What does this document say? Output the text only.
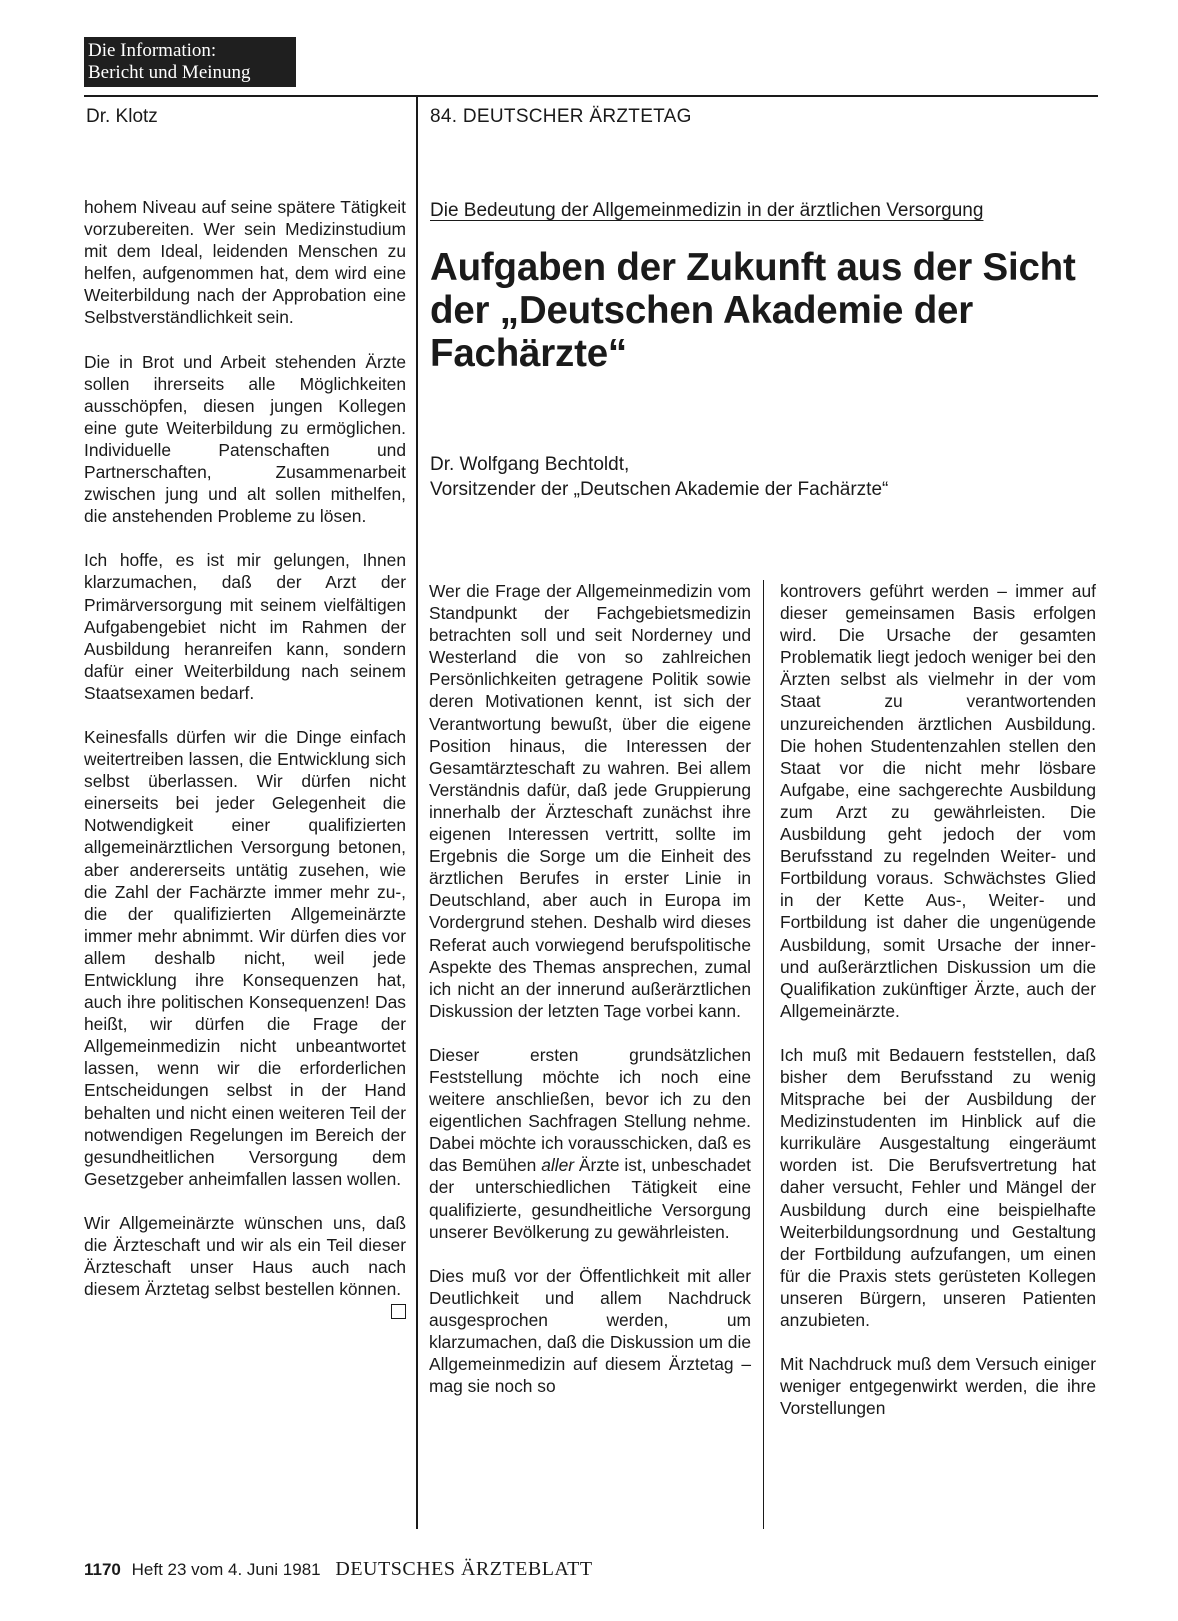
Die Information:
Bericht und Meinung
Dr. Klotz	84. DEUTSCHER ÄRZTETAG

hohem Niveau auf seine spätere Tätigkeit vorzubereiten. Wer sein Medizinstudium mit dem Ideal, leidenden Menschen zu helfen, aufgenommen hat, dem wird eine Weiterbildung nach der Approbation eine Selbstverständlichkeit sein.

Die in Brot und Arbeit stehenden Ärzte sollen ihrerseits alle Möglichkeiten ausschöpfen, diesen jungen Kollegen eine gute Weiterbildung zu ermöglichen. Individuelle Patenschaften und Partnerschaften, Zusammenarbeit zwischen jung und alt sollen mithelfen, die anstehenden Probleme zu lösen.

Ich hoffe, es ist mir gelungen, Ihnen klarzumachen, daß der Arzt der Primärversorgung mit seinem vielfältigen Aufgabengebiet nicht im Rahmen der Ausbildung heranreifen kann, sondern dafür einer Weiterbildung nach seinem Staatsexamen bedarf.

Keinesfalls dürfen wir die Dinge einfach weitertreiben lassen, die Entwicklung sich selbst überlassen. Wir dürfen nicht einerseits bei jeder Gelegenheit die Notwendigkeit einer qualifizierten allgemeinärztlichen Versorgung betonen, aber andererseits untätig zusehen, wie die Zahl der Fachärzte immer mehr zu-, die der qualifizierten Allgemeinärzte immer mehr abnimmt. Wir dürfen dies vor allem deshalb nicht, weil jede Entwicklung ihre Konsequenzen hat, auch ihre politischen Konsequenzen! Das heißt, wir dürfen die Frage der Allgemeinmedizin nicht unbeantwortet lassen, wenn wir die erforderlichen Entscheidungen selbst in der Hand behalten und nicht einen weiteren Teil der notwendigen Regelungen im Bereich der gesundheitlichen Versorgung dem Gesetzgeber anheimfallen lassen wollen.

Wir Allgemeinärzte wünschen uns, daß die Ärzteschaft und wir als ein Teil dieser Ärzteschaft unser Haus auch nach diesem Ärztetag selbst bestellen können.

Die Bedeutung der Allgemeinmedizin in der ärztlichen Versorgung
Aufgaben der Zukunft aus der Sicht der „Deutschen Akademie der Fachärzte“
Dr. Wolfgang Bechtoldt,
Vorsitzender der „Deutschen Akademie der Fachärzte“

Wer die Frage der Allgemeinmedizin vom Standpunkt der Fachgebietsmedizin betrachten soll und seit Norderney und Westerland die von so zahlreichen Persönlichkeiten getragene Politik sowie deren Motivationen kennt, ist sich der Verantwortung bewußt, über die eigene Position hinaus, die Interessen der Gesamtärzteschaft zu wahren. Bei allem Verständnis dafür, daß jede Gruppierung innerhalb der Ärzteschaft zunächst ihre eigenen Interessen vertritt, sollte im Ergebnis die Sorge um die Einheit des ärztlichen Berufes in erster Linie in Deutschland, aber auch in Europa im Vordergrund stehen. Deshalb wird dieses Referat auch vorwiegend berufspolitische Aspekte des Themas ansprechen, zumal ich nicht an der innerund außerärztlichen Diskussion der letzten Tage vorbei kann.

Dieser ersten grundsätzlichen Feststellung möchte ich noch eine weitere anschließen, bevor ich zu den eigentlichen Sachfragen Stellung nehme. Dabei möchte ich vorausschicken, daß es das Bemühen aller Ärzte ist, unbeschadet der unterschiedlichen Tätigkeit eine qualifizierte, gesundheitliche Versorgung unserer Bevölkerung zu gewährleisten.

Dies muß vor der Öffentlichkeit mit aller Deutlichkeit und allem Nachdruck ausgesprochen werden, um klarzumachen, daß die Diskussion um die Allgemeinmedizin auf diesem Ärztetag – mag sie noch so

kontrovers geführt werden – immer auf dieser gemeinsamen Basis erfolgen wird. Die Ursache der gesamten Problematik liegt jedoch weniger bei den Ärzten selbst als vielmehr in der vom Staat zu verantwortenden unzureichenden ärztlichen Ausbildung. Die hohen Studentenzahlen stellen den Staat vor die nicht mehr lösbare Aufgabe, eine sachgerechte Ausbildung zum Arzt zu gewährleisten. Die Ausbildung geht jedoch der vom Berufsstand zu regelnden Weiter- und Fortbildung voraus. Schwächstes Glied in der Kette Aus-, Weiter- und Fortbildung ist daher die ungenügende Ausbildung, somit Ursache der inner- und außerärztlichen Diskussion um die Qualifikation zukünftiger Ärzte, auch der Allgemeinärzte.

Ich muß mit Bedauern feststellen, daß bisher dem Berufsstand zu wenig Mitsprache bei der Ausbildung der Medizinstudenten im Hinblick auf die kurrikuläre Ausgestaltung eingeräumt worden ist. Die Berufsvertretung hat daher versucht, Fehler und Mängel der Ausbildung durch eine beispielhafte Weiterbildungsordnung und Gestaltung der Fortbildung aufzufangen, um einen für die Praxis stets gerüsteten Kollegen unseren Bürgern, unseren Patienten anzubieten.

Mit Nachdruck muß dem Versuch einiger weniger entgegenwirkt werden, die ihre Vorstellungen

1170 Heft 23 vom 4. Juni 1981 DEUTSCHES ÄRZTEBLATT
